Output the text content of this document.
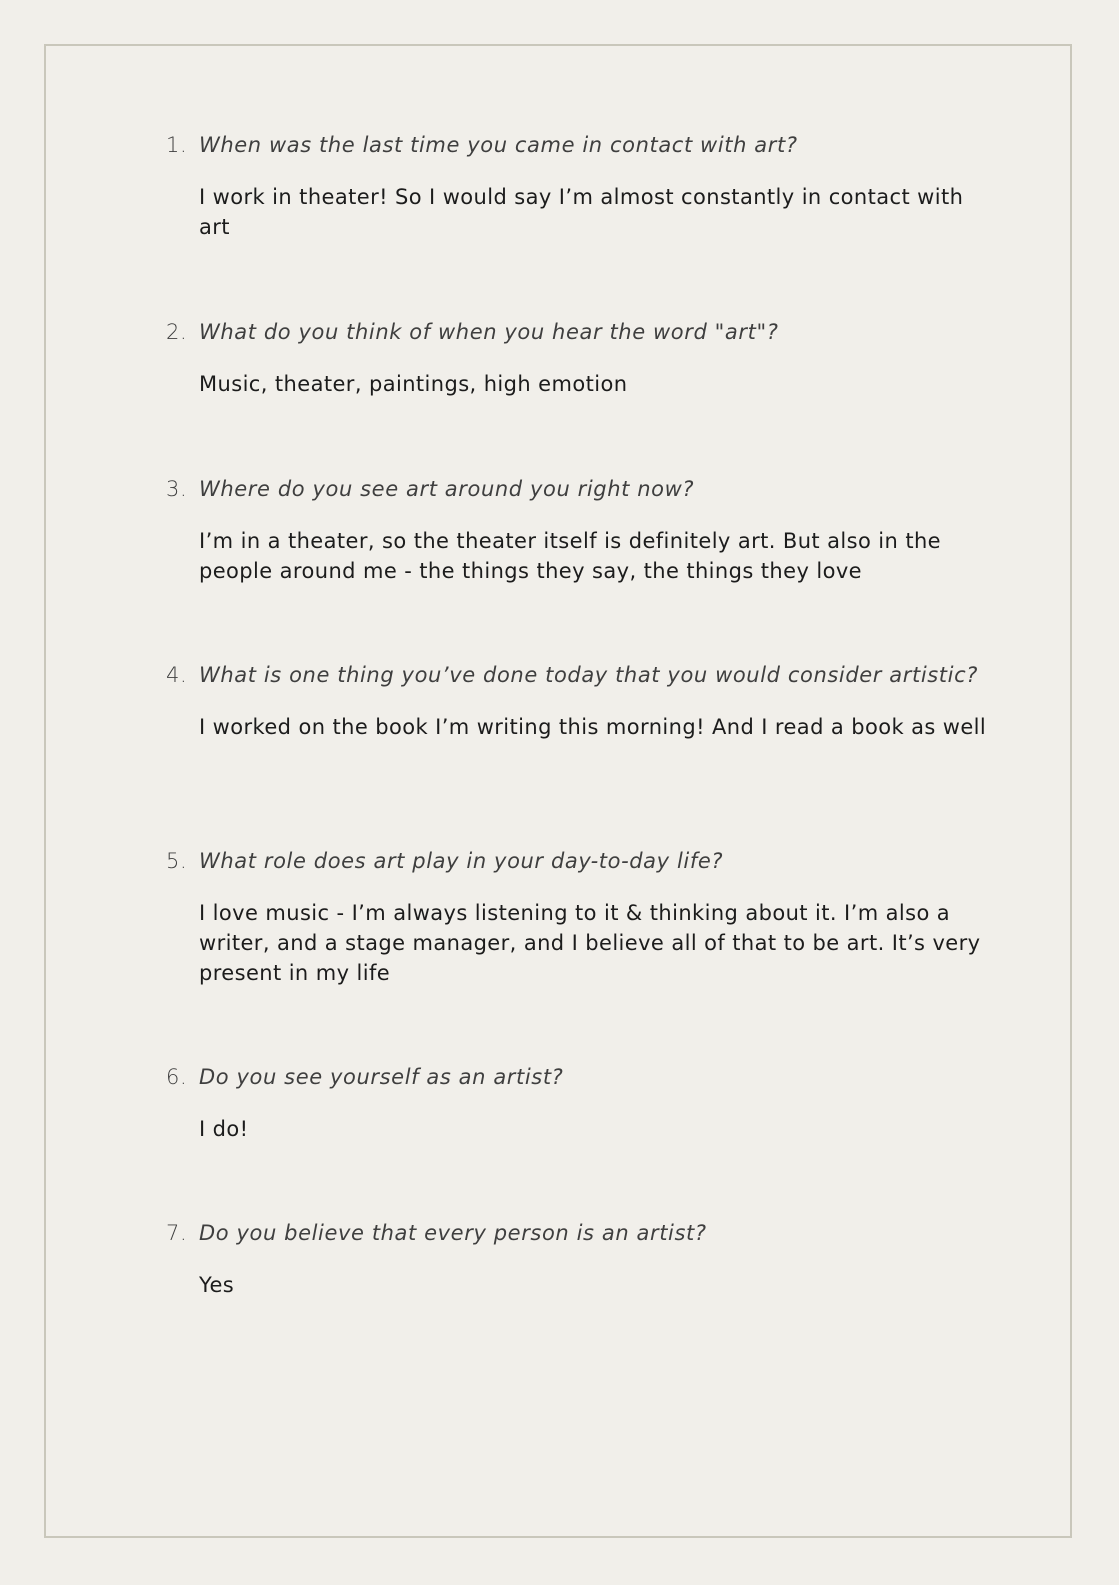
1. When was the last time you came in contact with art?
I work in theater! So I would say I’m almost constantly in contact with art
2. What do you think of when you hear the word "art"?
Music, theater, paintings, high emotion
3. Where do you see art around you right now?
I’m in a theater, so the theater itself is definitely art. But also in the people around me - the things they say, the things they love
4. What is one thing you’ve done today that you would consider artistic?
I worked on the book I’m writing this morning! And I read a book as well
5. What role does art play in your day-to-day life?
I love music - I’m always listening to it & thinking about it. I’m also a writer, and a stage manager, and I believe all of that to be art. It’s very present in my life
6. Do you see yourself as an artist?
I do!
7. Do you believe that every person is an artist?
Yes
